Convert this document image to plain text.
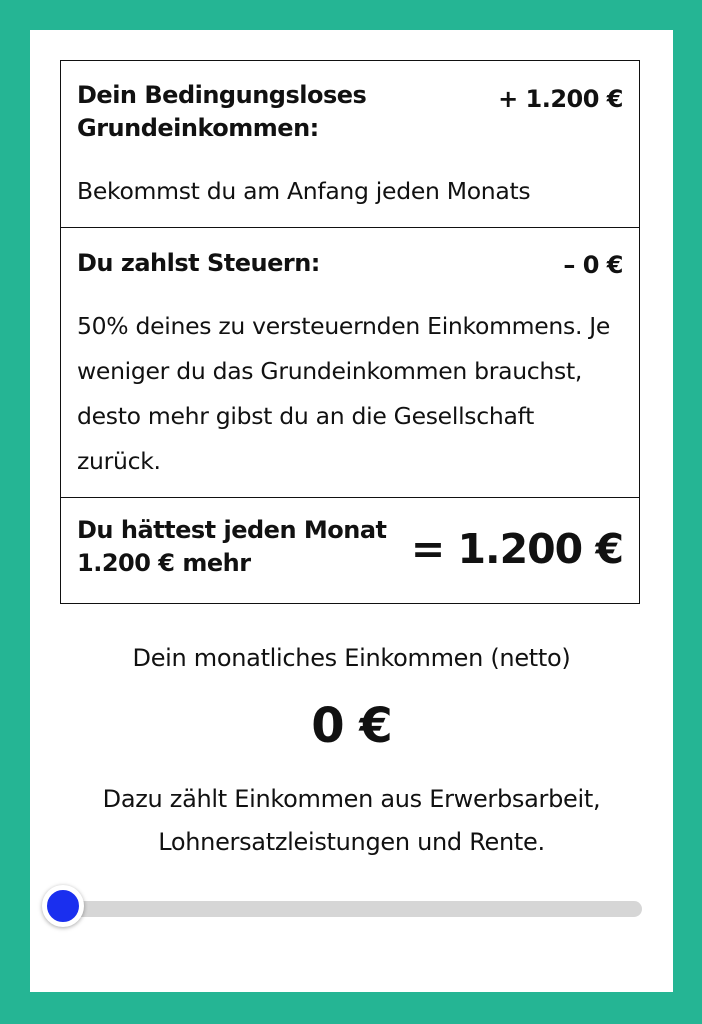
Dein Bedingungsloses Grundeinkommen:
+ 1.200 €
Bekommst du am Anfang jeden Monats
Du zahlst Steuern:	– 0 €
50% deines zu versteuernden Einkommens. Je weniger du das Grundeinkommen brauchst, desto mehr gibst du an die Gesellschaft zurück.
Du hättest jeden Monat 1.200 € mehr	= 1.200 €
Dein monatliches Einkommen (netto)
0 €
Dazu zählt Einkommen aus Erwerbsarbeit, Lohnersatzleistungen und Rente.
